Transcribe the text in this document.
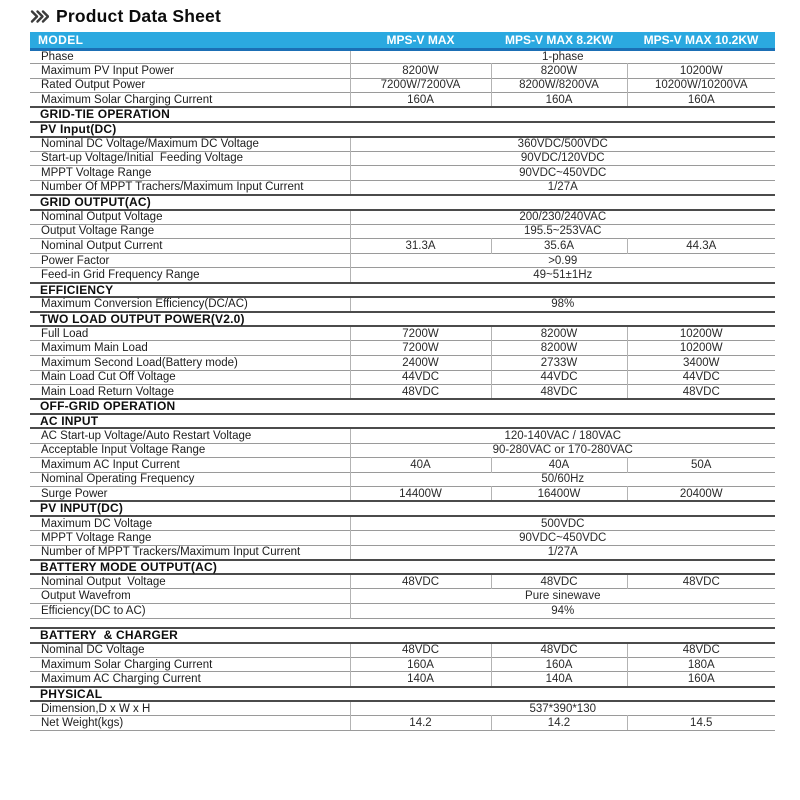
Product Data Sheet
MODEL	MPS-V MAX	MPS-V MAX 8.2KW	MPS-V MAX 10.2KW
Phase	1-phase		
Maximum PV Input Power	8200W	8200W	10200W
Rated Output Power	7200W/7200VA	8200W/8200VA	10200W/10200VA
Maximum Solar Charging Current	160A	160A	160A
GRID-TIE OPERATION			
PV Input(DC)			
Nominal DC Voltage/Maximum DC Voltage	360VDC/500VDC		
Start-up Voltage/Initial  Feeding Voltage	90VDC/120VDC		
MPPT Voltage Range	90VDC~450VDC		
Number Of MPPT Trachers/Maximum Input Current	1/27A		
GRID OUTPUT(AC)			
Nominal Output Voltage	200/230/240VAC		
Output Voltage Range	195.5~253VAC		
Nominal Output Current	31.3A	35.6A	44.3A
Power Factor	>0.99		
Feed-in Grid Frequency Range	49~51±1Hz		
EFFICIENCY			
Maximum Conversion Efficiency(DC/AC)	98%		
TWO LOAD OUTPUT POWER(V2.0)			
Full Load	7200W	8200W	10200W
Maximum Main Load	7200W	8200W	10200W
Maximum Second Load(Battery mode)	2400W	2733W	3400W
Main Load Cut Off Voltage	44VDC	44VDC	44VDC
Main Load Return Voltage	48VDC	48VDC	48VDC
OFF-GRID OPERATION			
AC INPUT			
AC Start-up Voltage/Auto Restart Voltage	120-140VAC / 180VAC		
Acceptable Input Voltage Range	90-280VAC or 170-280VAC		
Maximum AC Input Current	40A	40A	50A
Nominal Operating Frequency	50/60Hz		
Surge Power	14400W	16400W	20400W
PV INPUT(DC)			
Maximum DC Voltage	500VDC		
MPPT Voltage Range	90VDC~450VDC		
Number of MPPT Trackers/Maximum Input Current	1/27A		
BATTERY MODE OUTPUT(AC)			
Nominal Output  Voltage	48VDC	48VDC	48VDC
Output Wavefrom	Pure sinewave		
Efficiency(DC to AC)	94%		

BATTERY  & CHARGER			
Nominal DC Voltage	48VDC	48VDC	48VDC
Maximum Solar Charging Current	160A	160A	180A
Maximum AC Charging Current	140A	140A	160A
PHYSICAL			
Dimension,D x W x H	537*390*130		
Net Weight(kgs)	14.2	14.2	14.5
